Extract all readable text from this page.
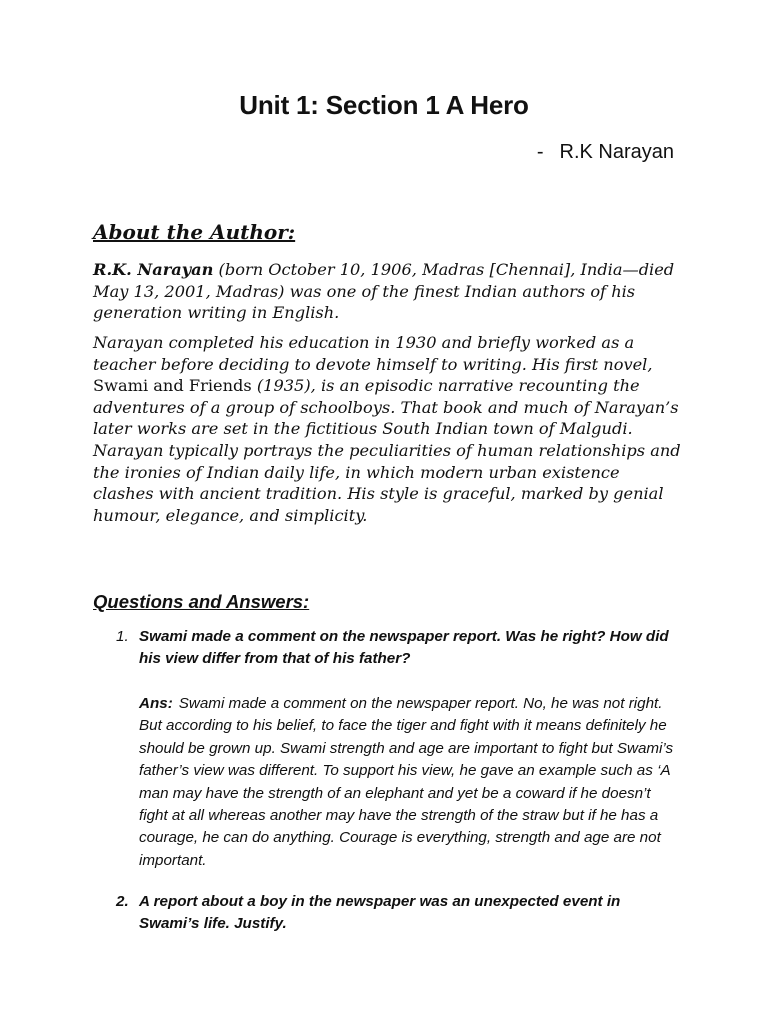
Unit 1: Section 1 A Hero
- R.K Narayan
About the Author:

R.K. Narayan (born October 10, 1906, Madras [Chennai], India—died May 13, 2001, Madras) was one of the finest Indian authors of his generation writing in English.

Narayan completed his education in 1930 and briefly worked as a teacher before deciding to devote himself to writing. His first novel, Swami and Friends (1935), is an episodic narrative recounting the adventures of a group of schoolboys. That book and much of Narayan’s later works are set in the fictitious South Indian town of Malgudi. Narayan typically portrays the peculiarities of human relationships and the ironies of Indian daily life, in which modern urban existence clashes with ancient tradition. His style is graceful, marked by genial humour, elegance, and simplicity.

Questions and Answers:
1. Swami made a comment on the newspaper report. Was he right? How did his view differ from that of his father?

Ans: Swami made a comment on the newspaper report. No, he was not right. But according to his belief, to face the tiger and fight with it means definitely he should be grown up. Swami strength and age are important to fight but Swami’s father’s view was different. To support his view, he gave an example such as ‘A man may have the strength of an elephant and yet be a coward if he doesn’t fight at all whereas another may have the strength of the straw but if he has a courage, he can do anything. Courage is everything, strength and age are not important.

2. A report about a boy in the newspaper was an unexpected event in Swami’s life. Justify.
